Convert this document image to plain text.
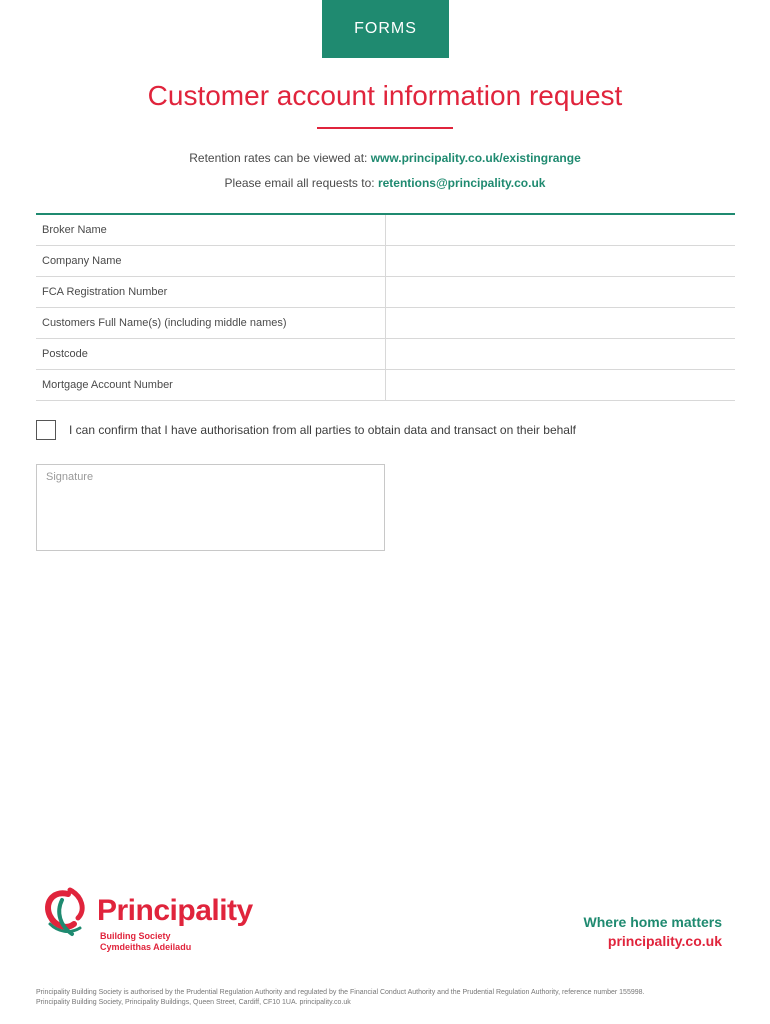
FORMS
Customer account information request
Retention rates can be viewed at: www.principality.co.uk/existingrange
Please email all requests to: retentions@principality.co.uk
Broker Name
Company Name
FCA Registration Number
Customers Full Name(s) (including middle names)
Postcode
Mortgage Account Number
I can confirm that I have authorisation from all parties to obtain data and transact on their behalf
Signature
Principality
Building Society
Cymdeithas Adeiladu
Where home matters
principality.co.uk
Principality Building Society is authorised by the Prudential Regulation Authority and regulated by the Financial Conduct Authority and the Prudential Regulation Authority, reference number 155998.
Principality Building Society, Principality Buildings, Queen Street, Cardiff, CF10 1UA. principality.co.uk
